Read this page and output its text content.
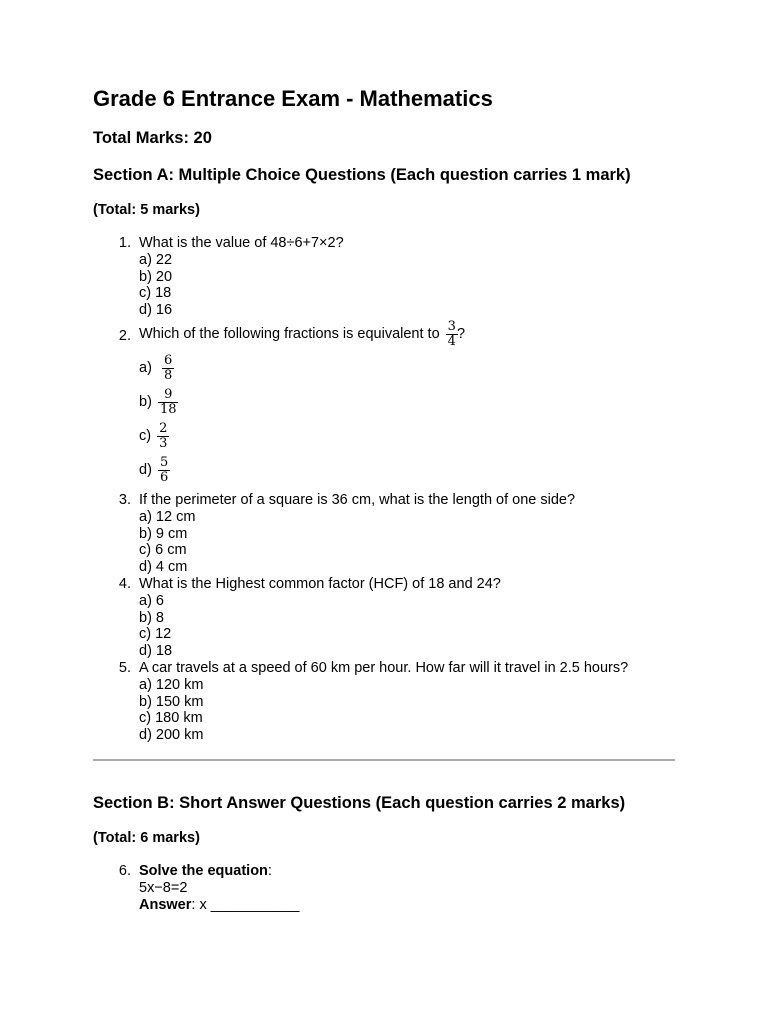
Grade 6 Entrance Exam - Mathematics
Total Marks: 20
Section A: Multiple Choice Questions (Each question carries 1 mark)
(Total: 5 marks)
1. What is the value of 48÷6+7×2?
a) 22
b) 20
c) 18
d) 16
2. Which of the following fractions is equivalent to $\frac{3}{4}$ ?
$a) \frac{6}{8}$
$b) \frac{9}{18}$
$c) \frac{2}{3}$
$d) \frac{5}{6}$
3. If the perimeter of a square is 36 cm, what is the length of one side?
a) 12 cm
b) 9 cm
c) 6 cm
d) 4 cm
4. What is the Highest common factor (HCF) of 18 and 24?
a) 6
b) 8
c) 12
d) 18
5. A car travels at a speed of 60 km per hour. How far will it travel in 2.5 hours?
a) 120 km
b) 150 km
c) 180 km
d) 200 km
Section B: Short Answer Questions (Each question carries 2 marks)
(Total: 6 marks)
6. Solve the equation:
5x−8=2
Answer: x ___________
